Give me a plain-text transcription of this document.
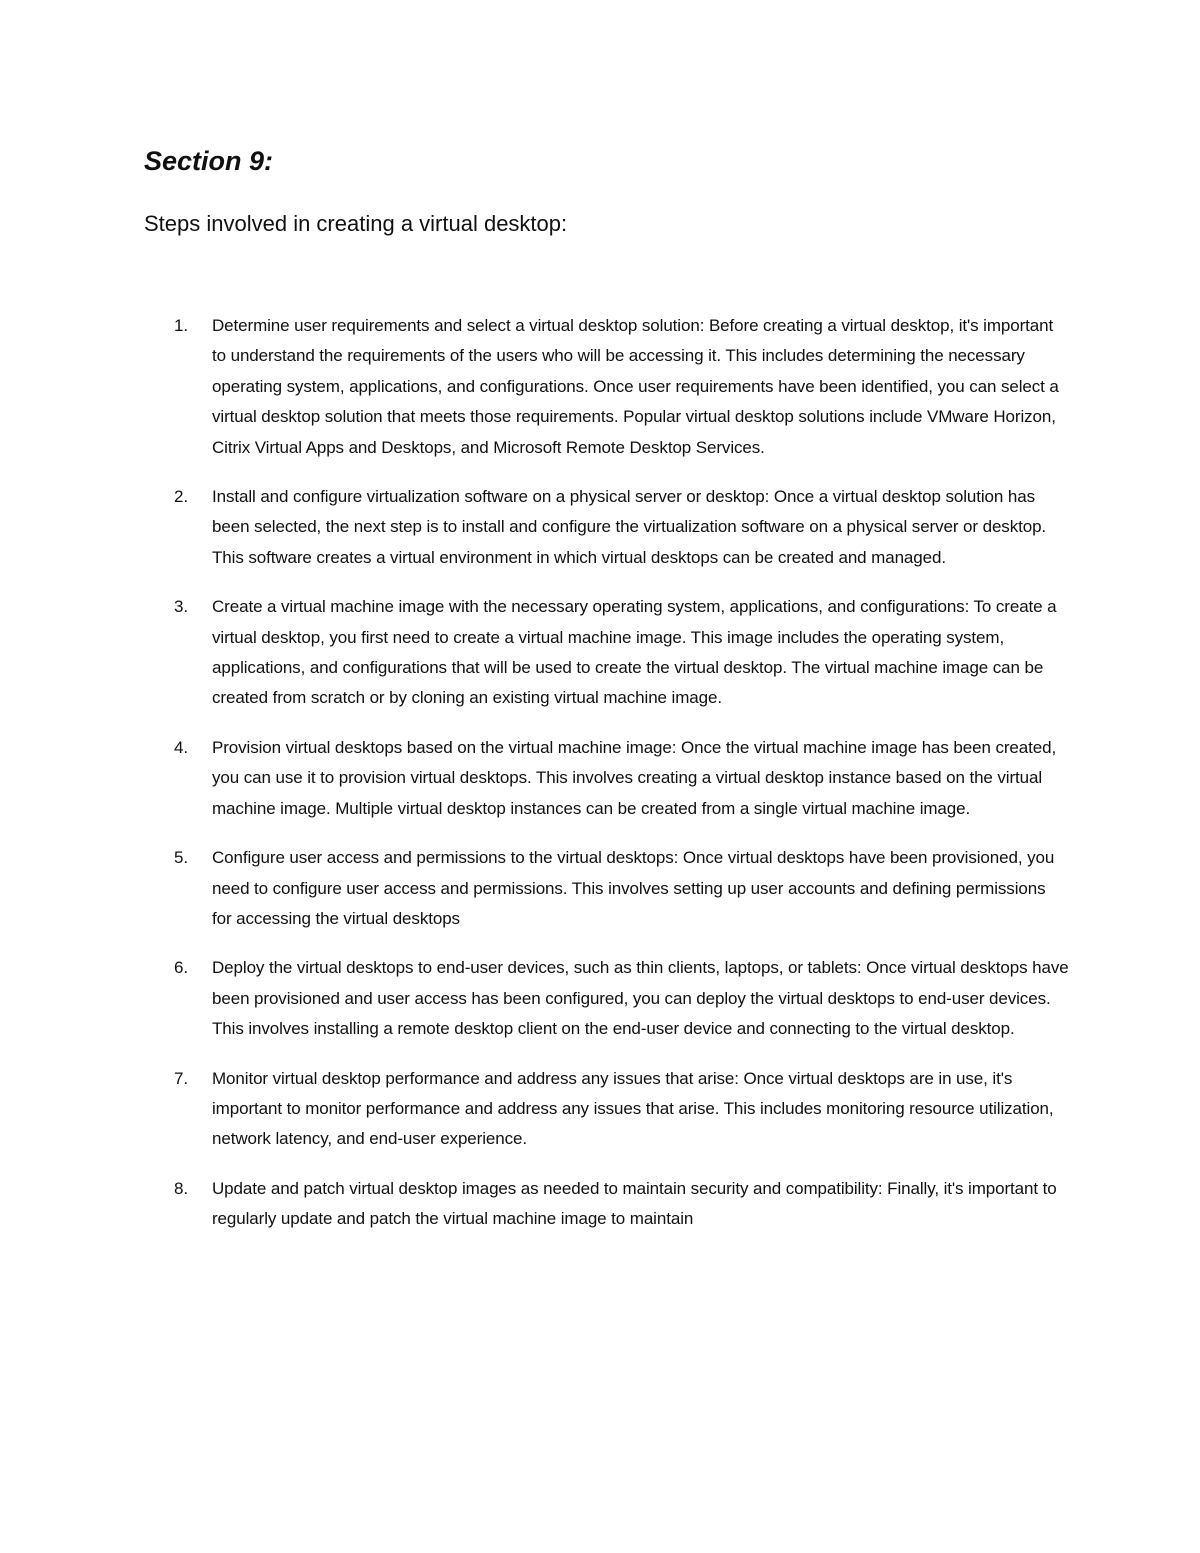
Section 9:
Steps involved in creating a virtual desktop:
1. Determine user requirements and select a virtual desktop solution: Before creating a virtual desktop, it's important to understand the requirements of the users who will be accessing it. This includes determining the necessary operating system, applications, and configurations. Once user requirements have been identified, you can select a virtual desktop solution that meets those requirements. Popular virtual desktop solutions include VMware Horizon, Citrix Virtual Apps and Desktops, and Microsoft Remote Desktop Services.
2. Install and configure virtualization software on a physical server or desktop: Once a virtual desktop solution has been selected, the next step is to install and configure the virtualization software on a physical server or desktop. This software creates a virtual environment in which virtual desktops can be created and managed.
3. Create a virtual machine image with the necessary operating system, applications, and configurations: To create a virtual desktop, you first need to create a virtual machine image. This image includes the operating system, applications, and configurations that will be used to create the virtual desktop. The virtual machine image can be created from scratch or by cloning an existing virtual machine image.
4. Provision virtual desktops based on the virtual machine image: Once the virtual machine image has been created, you can use it to provision virtual desktops. This involves creating a virtual desktop instance based on the virtual machine image. Multiple virtual desktop instances can be created from a single virtual machine image.
5. Configure user access and permissions to the virtual desktops: Once virtual desktops have been provisioned, you need to configure user access and permissions. This involves setting up user accounts and defining permissions for accessing the virtual desktops
6. Deploy the virtual desktops to end-user devices, such as thin clients, laptops, or tablets: Once virtual desktops have been provisioned and user access has been configured, you can deploy the virtual desktops to end-user devices. This involves installing a remote desktop client on the end-user device and connecting to the virtual desktop.
7. Monitor virtual desktop performance and address any issues that arise: Once virtual desktops are in use, it's important to monitor performance and address any issues that arise. This includes monitoring resource utilization, network latency, and end-user experience.
8. Update and patch virtual desktop images as needed to maintain security and compatibility: Finally, it's important to regularly update and patch the virtual machine image to maintain
